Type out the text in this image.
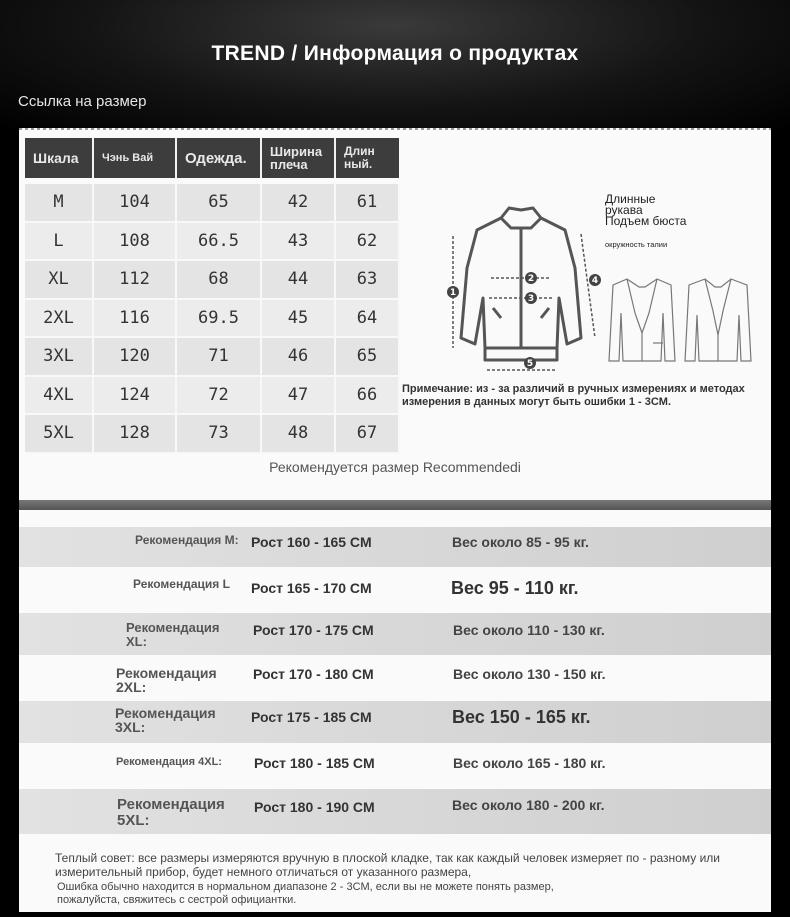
TREND / Информация о продуктах
Ссылка на размер
Шкала	Чэнь Вай	Одежда.	Ширина плеча	Длин ный.

M	104	65	42	61
L	108	66.5	43	62
XL	112	68	44	63
2XL	116	69.5	45	64
3XL	120	71	46	65
4XL	124	72	47	66
5XL	128	73	48	67
1
2
3
4
5
Длинные рукава
Подъем бюста
окружность талии
Примечание: из - за различий в ручных измерениях и методах измерения в данных могут быть ошибки 1 - 3CM.
Рекомендуется размер Recommendedi
Рекомендация M: Рост 160 - 165 CM	Вес около 85 - 95 кг.
Рекомендация L	Рост 165 - 170 CM	Вес 95 - 110 кг.
Рекомендация XL:
Рост 170 - 175 CM	Вес около 110 - 130 кг.
Рекомендация 2XL:
Рост 170 - 180 CM	Вес около 130 - 150 кг.
Рекомендация 3XL:
Рост 175 - 185 CM	Вес 150 - 165 кг.
Рекомендация 4XL:	Рост 180 - 185 CM	Вес около 165 - 180 кг.
Рекомендация 5XL:
Рост 180 - 190 CM	Вес около 180 - 200 кг.
Теплый совет: все размеры измеряются вручную в плоской кладке, так как каждый человек измеряет по - разному или измерительный прибор, будет немного отличаться от указанного размера,
Ошибка обычно находится в нормальном диапазоне 2 - 3CM, если вы не можете понять размер, пожалуйста, свяжитесь с сестрой официантки.
